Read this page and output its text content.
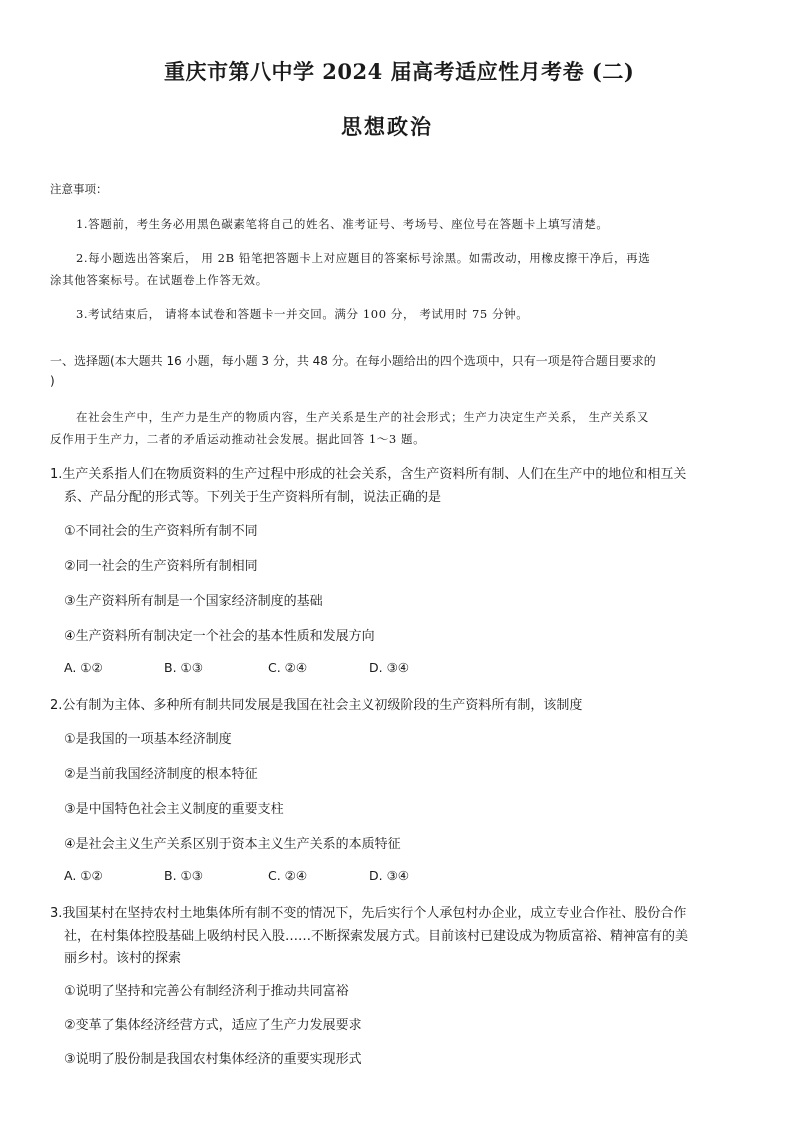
重庆市第八中学 2024 届高考适应性月考卷 (二)
思想政治
注意事项：
1.答题前，考生务必用黑色碳素笔将自己的姓名、准考证号、考场号、座位号在答题卡上填写清楚。
2.每小题选出答案后， 用 2B 铅笔把答题卡上对应题目的答案标号涂黑。如需改动，用橡皮擦干净后，再选
涂其他答案标号。在试题卷上作答无效。
3.考试结束后， 请将本试卷和答题卡一并交回。满分 100 分， 考试用时 75 分钟。
一、选择题(本大题共 16 小题，每小题 3 分，共 48 分。在每小题给出的四个选项中，只有一项是符合题目要求的
)
在社会生产中，生产力是生产的物质内容，生产关系是生产的社会形式；生产力决定生产关系， 生产关系又
反作用于生产力，二者的矛盾运动推动社会发展。据此回答 1～3 题。
1.生产关系指人们在物质资料的生产过程中形成的社会关系，含生产资料所有制、人们在生产中的地位和相互关
系、产品分配的形式等。下列关于生产资料所有制，说法正确的是
①不同社会的生产资料所有制不同
②同一社会的生产资料所有制相同
③生产资料所有制是一个国家经济制度的基础
④生产资料所有制决定一个社会的基本性质和发展方向
A. ①②	B. ①③	C. ②④	D. ③④
2.公有制为主体、多种所有制共同发展是我国在社会主义初级阶段的生产资料所有制，该制度
①是我国的一项基本经济制度
②是当前我国经济制度的根本特征
③是中国特色社会主义制度的重要支柱
④是社会主义生产关系区别于资本主义生产关系的本质特征
A. ①②	B. ①③	C. ②④	D. ③④
3.我国某村在坚持农村土地集体所有制不变的情况下，先后实行个人承包村办企业，成立专业合作社、股份合作
社，在村集体控股基础上吸纳村民入股……不断探索发展方式。目前该村已建设成为物质富裕、精神富有的美
丽乡村。该村的探索
①说明了坚持和完善公有制经济利于推动共同富裕
②变革了集体经济经营方式，适应了生产力发展要求
③说明了股份制是我国农村集体经济的重要实现形式
